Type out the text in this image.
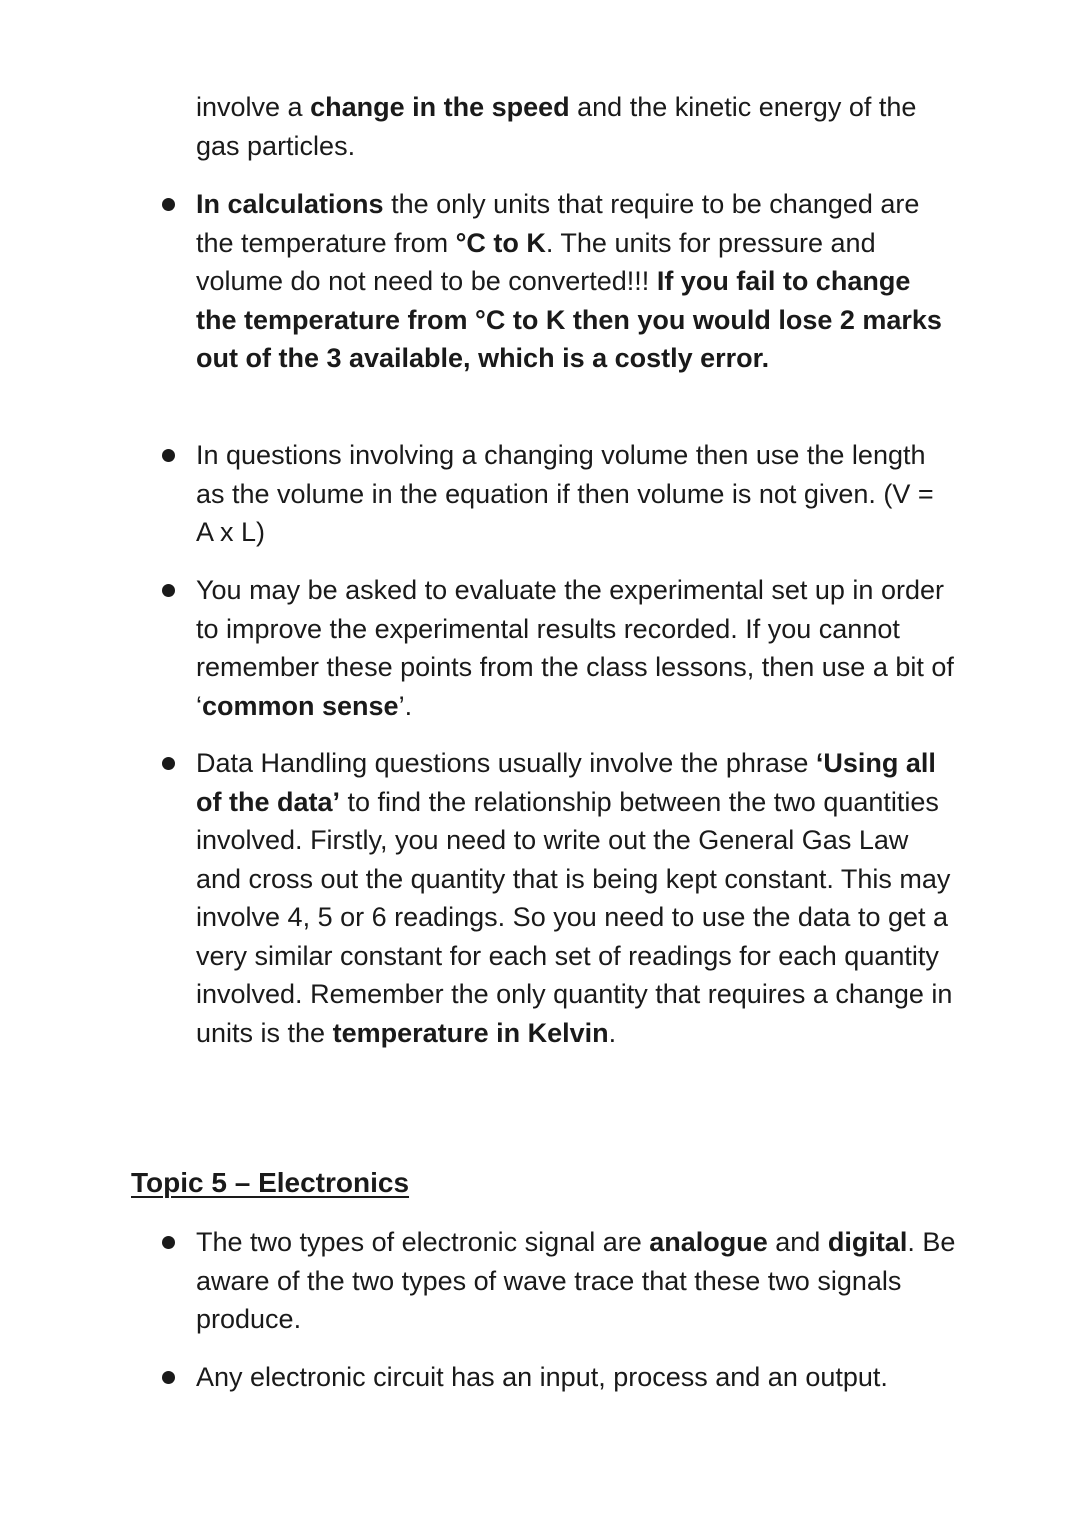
involve a change in the speed and the kinetic energy of the gas particles.

In calculations the only units that require to be changed are the temperature from °C to K. The units for pressure and volume do not need to be converted!!! If you fail to change the temperature from °C to K then you would lose 2 marks out of the 3 available, which is a costly error.

In questions involving a changing volume then use the length as the volume in the equation if then volume is not given. (V = A x L)

You may be asked to evaluate the experimental set up in order to improve the experimental results recorded. If you cannot remember these points from the class lessons, then use a bit of ‘common sense’.

Data Handling questions usually involve the phrase ‘Using all of the data’ to find the relationship between the two quantities involved. Firstly, you need to write out the General Gas Law and cross out the quantity that is being kept constant. This may involve 4, 5 or 6 readings. So you need to use the data to get a very similar constant for each set of readings for each quantity involved. Remember the only quantity that requires a change in units is the temperature in Kelvin.

Topic 5 – Electronics

The two types of electronic signal are analogue and digital. Be aware of the two types of wave trace that these two signals produce.

Any electronic circuit has an input, process and an output.
